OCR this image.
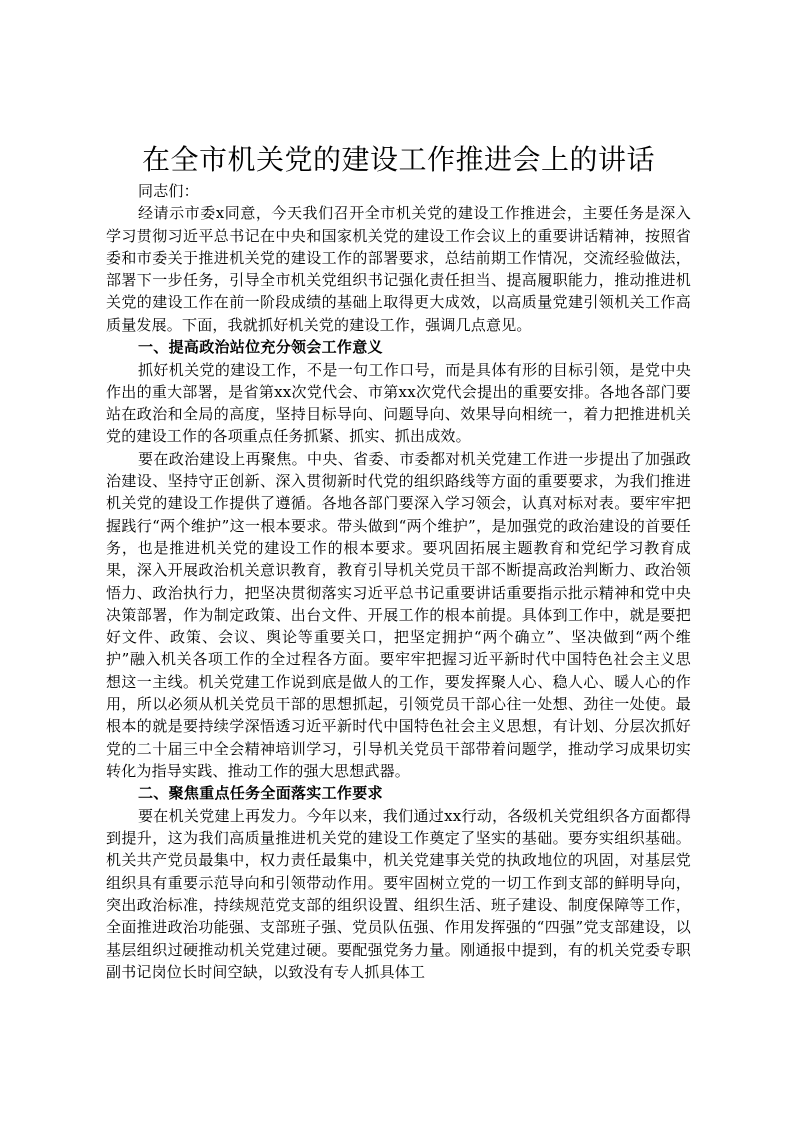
在全市机关党的建设工作推进会上的讲话

同志们：

经请示市委x同意，今天我们召开全市机关党的建设工作推进会，主要任务是深入学习贯彻习近平总书记在中央和国家机关党的建设工作会议上的重要讲话精神，按照省委和市委关于推进机关党的建设工作的部署要求，总结前期工作情况，交流经验做法，部署下一步任务，引导全市机关党组织书记强化责任担当、提高履职能力，推动推进机关党的建设工作在前一阶段成绩的基础上取得更大成效，以高质量党建引领机关工作高质量发展。下面，我就抓好机关党的建设工作，强调几点意见。

一、提高政治站位充分领会工作意义

抓好机关党的建设工作，不是一句工作口号，而是具体有形的目标引领，是党中央作出的重大部署，是省第xx次党代会、市第xx次党代会提出的重要安排。各地各部门要站在政治和全局的高度，坚持目标导向、问题导向、效果导向相统一，着力把推进机关党的建设工作的各项重点任务抓紧、抓实、抓出成效。

要在政治建设上再聚焦。中央、省委、市委都对机关党建工作进一步提出了加强政治建设、坚持守正创新、深入贯彻新时代党的组织路线等方面的重要要求，为我们推进机关党的建设工作提供了遵循。各地各部门要深入学习领会，认真对标对表。要牢牢把握践行“两个维护”这一根本要求。带头做到“两个维护”，是加强党的政治建设的首要任务，也是推进机关党的建设工作的根本要求。要巩固拓展主题教育和党纪学习教育成果，深入开展政治机关意识教育，教育引导机关党员干部不断提高政治判断力、政治领悟力、政治执行力，把坚决贯彻落实习近平总书记重要讲话重要指示批示精神和党中央决策部署，作为制定政策、出台文件、开展工作的根本前提。具体到工作中，就是要把好文件、政策、会议、舆论等重要关口，把坚定拥护“两个确立”、坚决做到“两个维护”融入机关各项工作的全过程各方面。要牢牢把握习近平新时代中国特色社会主义思想这一主线。机关党建工作说到底是做人的工作，要发挥聚人心、稳人心、暖人心的作用，所以必须从机关党员干部的思想抓起，引领党员干部心往一处想、劲往一处使。最根本的就是要持续学深悟透习近平新时代中国特色社会主义思想，有计划、分层次抓好党的二十届三中全会精神培训学习，引导机关党员干部带着问题学，推动学习成果切实转化为指导实践、推动工作的强大思想武器。

二、聚焦重点任务全面落实工作要求

要在机关党建上再发力。今年以来，我们通过xx行动，各级机关党组织各方面都得到提升，这为我们高质量推进机关党的建设工作奠定了坚实的基础。要夯实组织基础。机关共产党员最集中，权力责任最集中，机关党建事关党的执政地位的巩固，对基层党组织具有重要示范导向和引领带动作用。要牢固树立党的一切工作到支部的鲜明导向，突出政治标准，持续规范党支部的组织设置、组织生活、班子建设、制度保障等工作，全面推进政治功能强、支部班子强、党员队伍强、作用发挥强的“四强”党支部建设，以基层组织过硬推动机关党建过硬。要配强党务力量。刚通报中提到，有的机关党委专职副书记岗位长时间空缺，以致没有专人抓具体工
